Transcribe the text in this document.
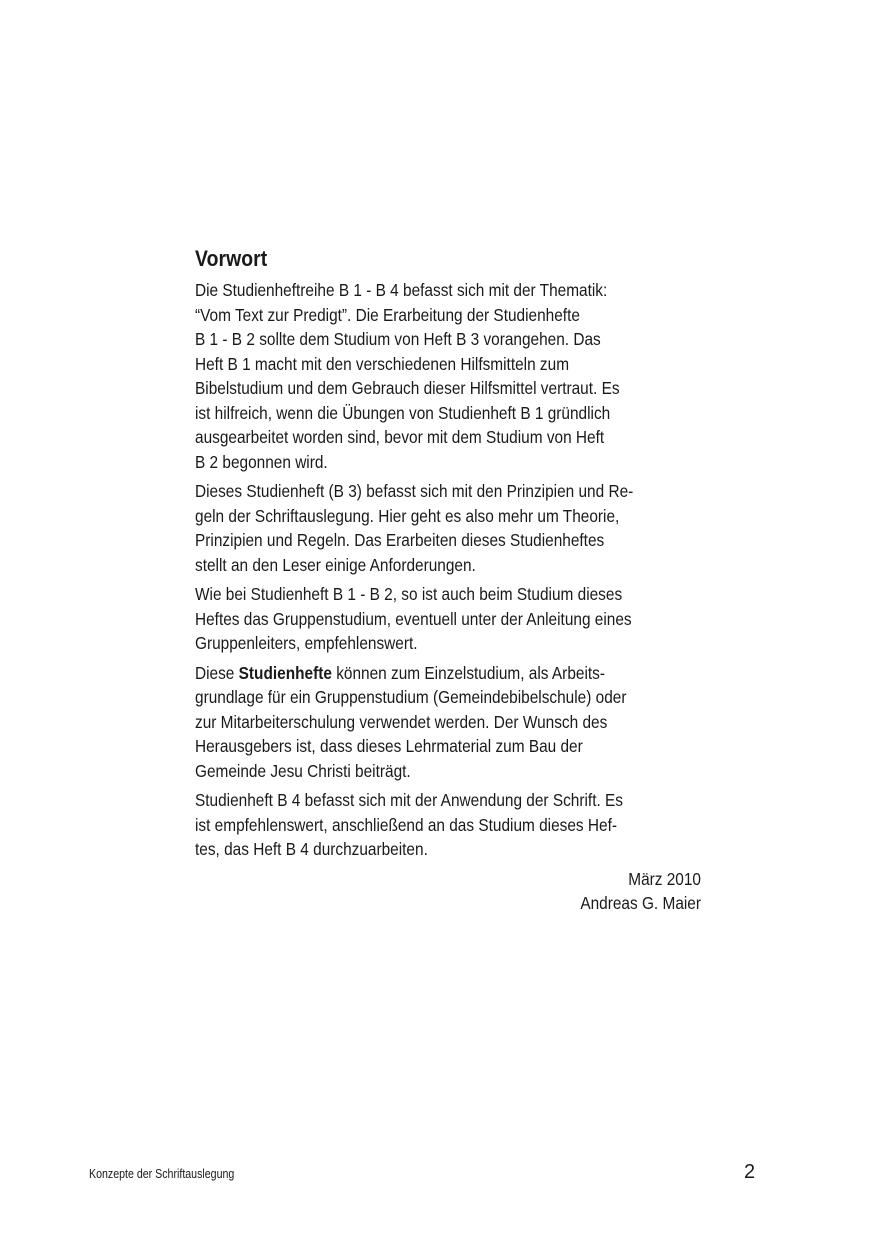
Vorwort

Die Studienheftreihe B 1 - B 4 befasst sich mit der Thematik:
“Vom Text zur Predigt”. Die Erarbeitung der Studienhefte
B 1 - B 2 sollte dem Studium von Heft B 3 vorangehen. Das
Heft B 1 macht mit den verschiedenen Hilfsmitteln zum
Bibelstudium und dem Gebrauch dieser Hilfsmittel vertraut. Es
ist hilfreich, wenn die Übungen von Studienheft B 1 gründlich
ausgearbeitet worden sind, bevor mit dem Studium von Heft
B 2 begonnen wird.

Dieses Studienheft (B 3) befasst sich mit den Prinzipien und Re-
geln der Schriftauslegung. Hier geht es also mehr um Theorie,
Prinzipien und Regeln. Das Erarbeiten dieses Studienheftes
stellt an den Leser einige Anforderungen.

Wie bei Studienheft B 1 - B 2, so ist auch beim Studium dieses
Heftes das Gruppenstudium, eventuell unter der Anleitung eines
Gruppenleiters, empfehlenswert.

Diese Studienhefte können zum Einzelstudium, als Arbeits-
grundlage für ein Gruppenstudium (Gemeindebibelschule) oder
zur Mitarbeiterschulung verwendet werden. Der Wunsch des
Herausgebers ist, dass dieses Lehrmaterial zum Bau der
Gemeinde Jesu Christi beiträgt.

Studienheft B 4 befasst sich mit der Anwendung der Schrift. Es
ist empfehlenswert, anschließend an das Studium dieses Hef-
tes, das Heft B 4 durchzuarbeiten.

März 2010
Andreas G. Maier
Konzepte der Schriftauslegung	2
